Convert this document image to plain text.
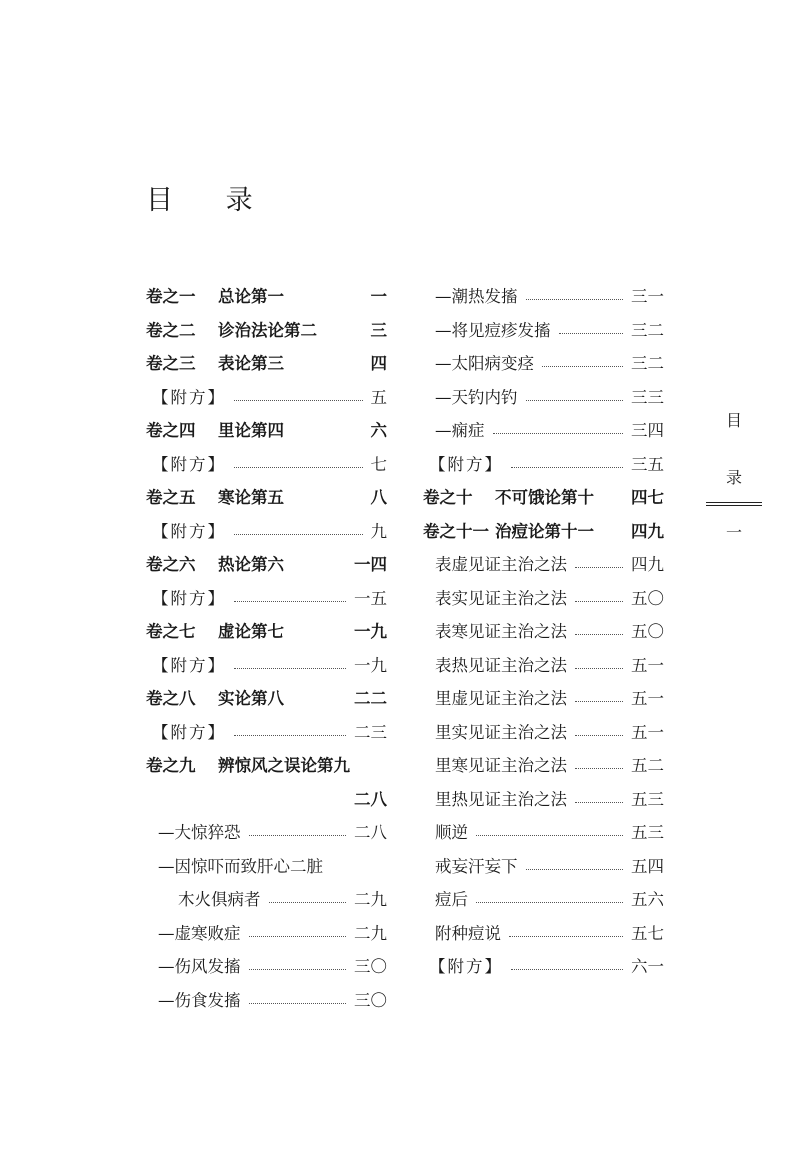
目 录
卷之一 总论第一	一
卷之二 诊治法论第二	三
卷之三 表论第三	四
【附方】	五
卷之四 里论第四	六
【附方】	七
卷之五 寒论第五	八
【附方】	九
卷之六 热论第六	一四
【附方】	一五
卷之七 虚论第七	一九
【附方】	一九
卷之八 实论第八	二二
【附方】	二三
卷之九 辨惊风之误论第九
二八
—大惊猝恐	二八
—因惊吓而致肝心二脏
木火俱病者	二九
—虚寒败症	二九
—伤风发搐	三〇
—伤食发搐	三〇
—潮热发搐	三一
—将见痘疹发搐	三二
—太阳病变痉	三二
—天钓内钓	三三
—痫症	三四
【附方】	三五
卷之十 不可饿论第十 四七
卷之十一 治痘论第十一 四九
表虚见证主治之法	四九
表实见证主治之法	五〇
表寒见证主治之法	五〇
表热见证主治之法	五一
里虚见证主治之法	五一
里实见证主治之法	五一
里寒见证主治之法	五二
里热见证主治之法	五三
顺逆	五三
戒妄汗妄下	五四
痘后	五六
附种痘说	五七
【附方】	六一
目
录
一
